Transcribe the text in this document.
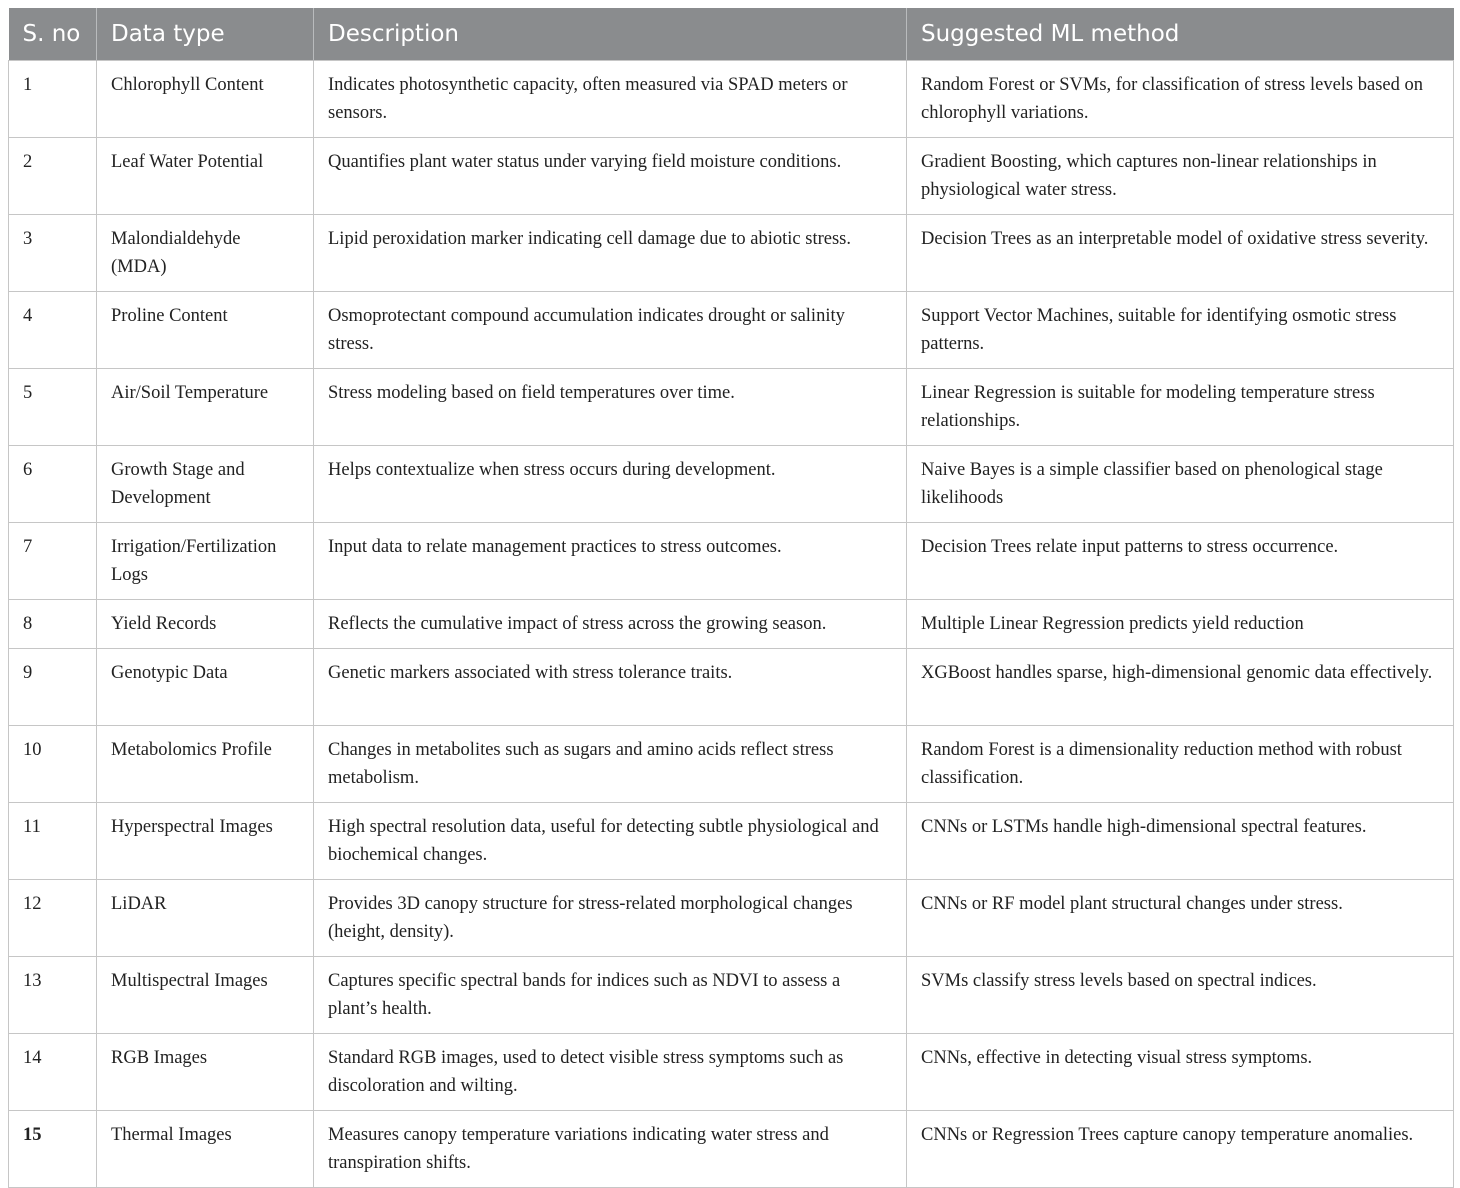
S. no	Data type	Description	Suggested ML method
1	Chlorophyll Content	Indicates photosynthetic capacity, often measured via SPAD meters or sensors.	Random Forest or SVMs, for classification of stress levels based on chlorophyll variations.
2	Leaf Water Potential	Quantifies plant water status under varying field moisture conditions.	Gradient Boosting, which captures non-linear relationships in physiological water stress.
3	Malondialdehyde (MDA)	Lipid peroxidation marker indicating cell damage due to abiotic stress.	Decision Trees as an interpretable model of oxidative stress severity.
4	Proline Content	Osmoprotectant compound accumulation indicates drought or salinity stress.	Support Vector Machines, suitable for identifying osmotic stress patterns.
5	Air/Soil Temperature	Stress modeling based on field temperatures over time.	Linear Regression is suitable for modeling temperature stress relationships.
6	Growth Stage and Development	Helps contextualize when stress occurs during development.	Naive Bayes is a simple classifier based on phenological stage likelihoods
7	Irrigation/Fertilization Logs	Input data to relate management practices to stress outcomes.	Decision Trees relate input patterns to stress occurrence.
8	Yield Records	Reflects the cumulative impact of stress across the growing season.	Multiple Linear Regression predicts yield reduction
9	Genotypic Data	Genetic markers associated with stress tolerance traits.	XGBoost handles sparse, high-dimensional genomic data effectively.
10	Metabolomics Profile	Changes in metabolites such as sugars and amino acids reflect stress metabolism.	Random Forest is a dimensionality reduction method with robust classification.
11	Hyperspectral Images	High spectral resolution data, useful for detecting subtle physiological and biochemical changes.	CNNs or LSTMs handle high-dimensional spectral features.
12	LiDAR	Provides 3D canopy structure for stress-related morphological changes (height, density).	CNNs or RF model plant structural changes under stress.
13	Multispectral Images	Captures specific spectral bands for indices such as NDVI to assess a plant’s health.	SVMs classify stress levels based on spectral indices.
14	RGB Images	Standard RGB images, used to detect visible stress symptoms such as discoloration and wilting.	CNNs, effective in detecting visual stress symptoms.
15	Thermal Images	Measures canopy temperature variations indicating water stress and transpiration shifts.	CNNs or Regression Trees capture canopy temperature anomalies.
